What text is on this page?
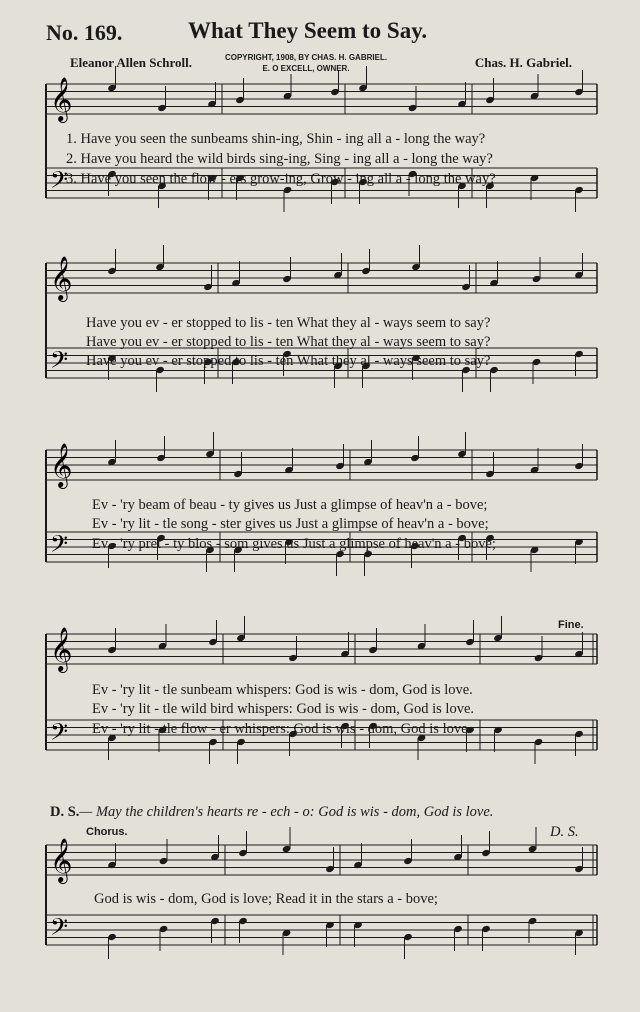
No. 169.	What They Seem to Say.
Eleanor Allen Schroll.	COPYRIGHT, 1908, BY CHAS. H. GABRIEL.
E. O EXCELL, OWNER.	Chas. H. Gabriel.
𝄞
𝄢
𝄞
𝄢
𝄞
𝄢
𝄞
𝄢
𝄞
𝄢
1. Have you seen the sunbeams shin-ing, Shin - ing all a - long the way?
2. Have you heard the wild birds sing-ing, Sing - ing all a - long the way?
3. Have you seen the flow - ers grow-ing, Grow - ing all a - long the way?
Have you ev - er stopped to lis - ten What they al - ways seem to say?
Have you ev - er stopped to lis - ten What they al - ways seem to say?
Have you ev - er stopped to lis - ten What they al - ways seem to say?
Ev - 'ry beam of beau - ty gives us Just a glimpse of heav'n a - bove;
Ev - 'ry lit - tle song - ster gives us Just a glimpse of heav'n a - bove;
Ev - 'ry pret - ty blos - som gives us Just a glimpse of heav'n a - bove;
Fine.
Ev - 'ry lit - tle sunbeam whispers: God is wis - dom, God is love.
Ev - 'ry lit - tle wild bird whispers: God is wis - dom, God is love.
Ev - 'ry lit - tle flow - er whispers: God is wis - dom, God is love.
D. S.— May the children's hearts re - ech - o: God is wis - dom, God is love.
Chorus.	D. S.
God is wis - dom, God is love; Read it in the stars a - bove;
